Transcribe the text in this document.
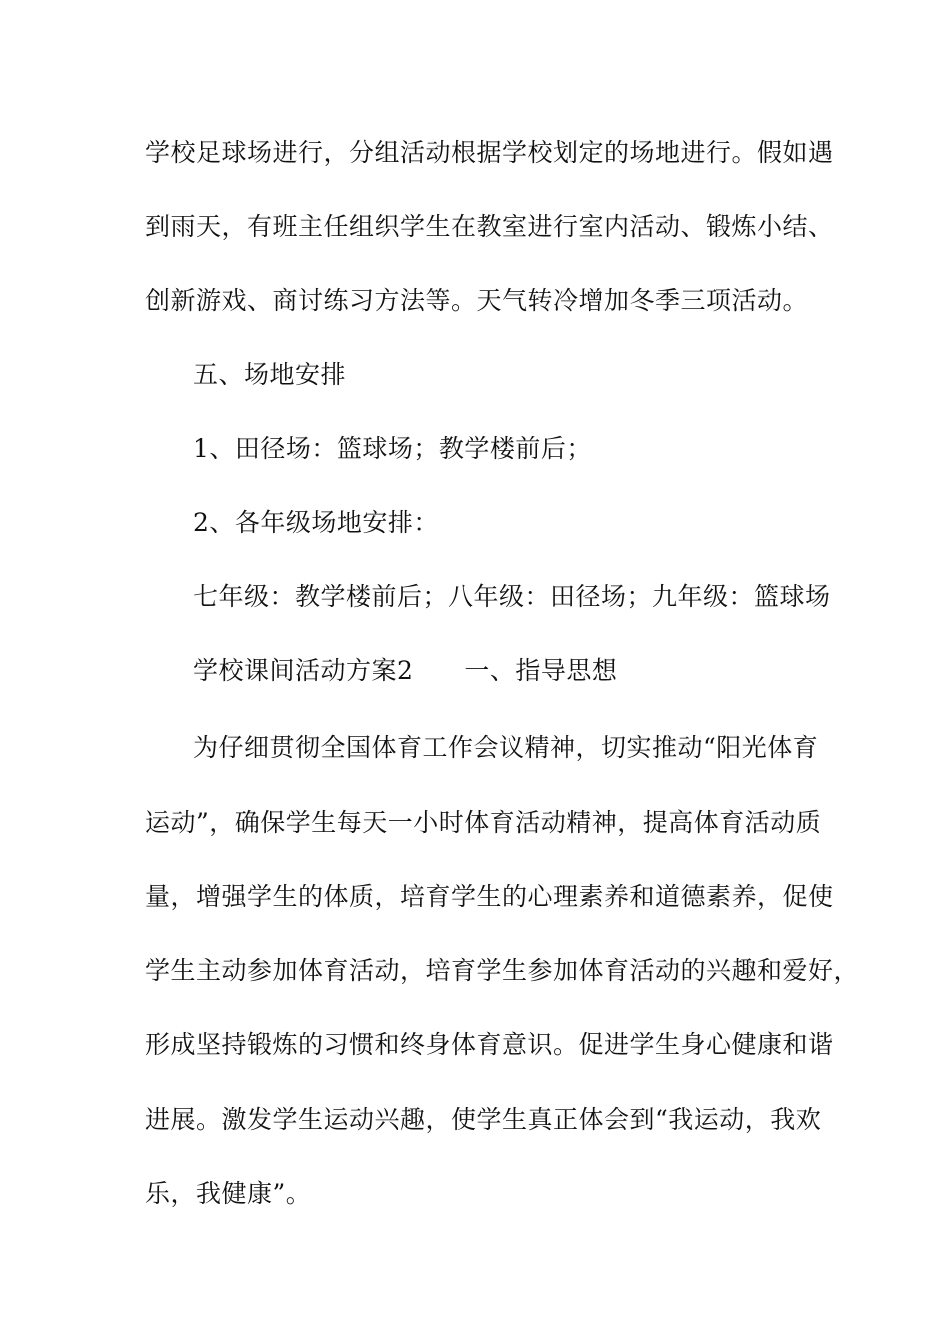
学校足球场进行，分组活动根据学校划定的场地进行。假如遇
到雨天，有班主任组织学生在教室进行室内活动、锻炼小结、
创新游戏、商讨练习方法等。天气转冷增加冬季三项活动。
五、场地安排
1、田径场：篮球场；教学楼前后；
2、各年级场地安排：
七年级：教学楼前后；八年级：田径场；九年级：篮球场
学校课间活动方案2　　一、指导思想
为仔细贯彻全国体育工作会议精神，切实推动“阳光体育
运动”，确保学生每天一小时体育活动精神，提高体育活动质
量，增强学生的体质，培育学生的心理素养和道德素养，促使
学生主动参加体育活动，培育学生参加体育活动的兴趣和爱好，
形成坚持锻炼的习惯和终身体育意识。促进学生身心健康和谐
进展。激发学生运动兴趣，使学生真正体会到“我运动，我欢
乐，我健康”。
